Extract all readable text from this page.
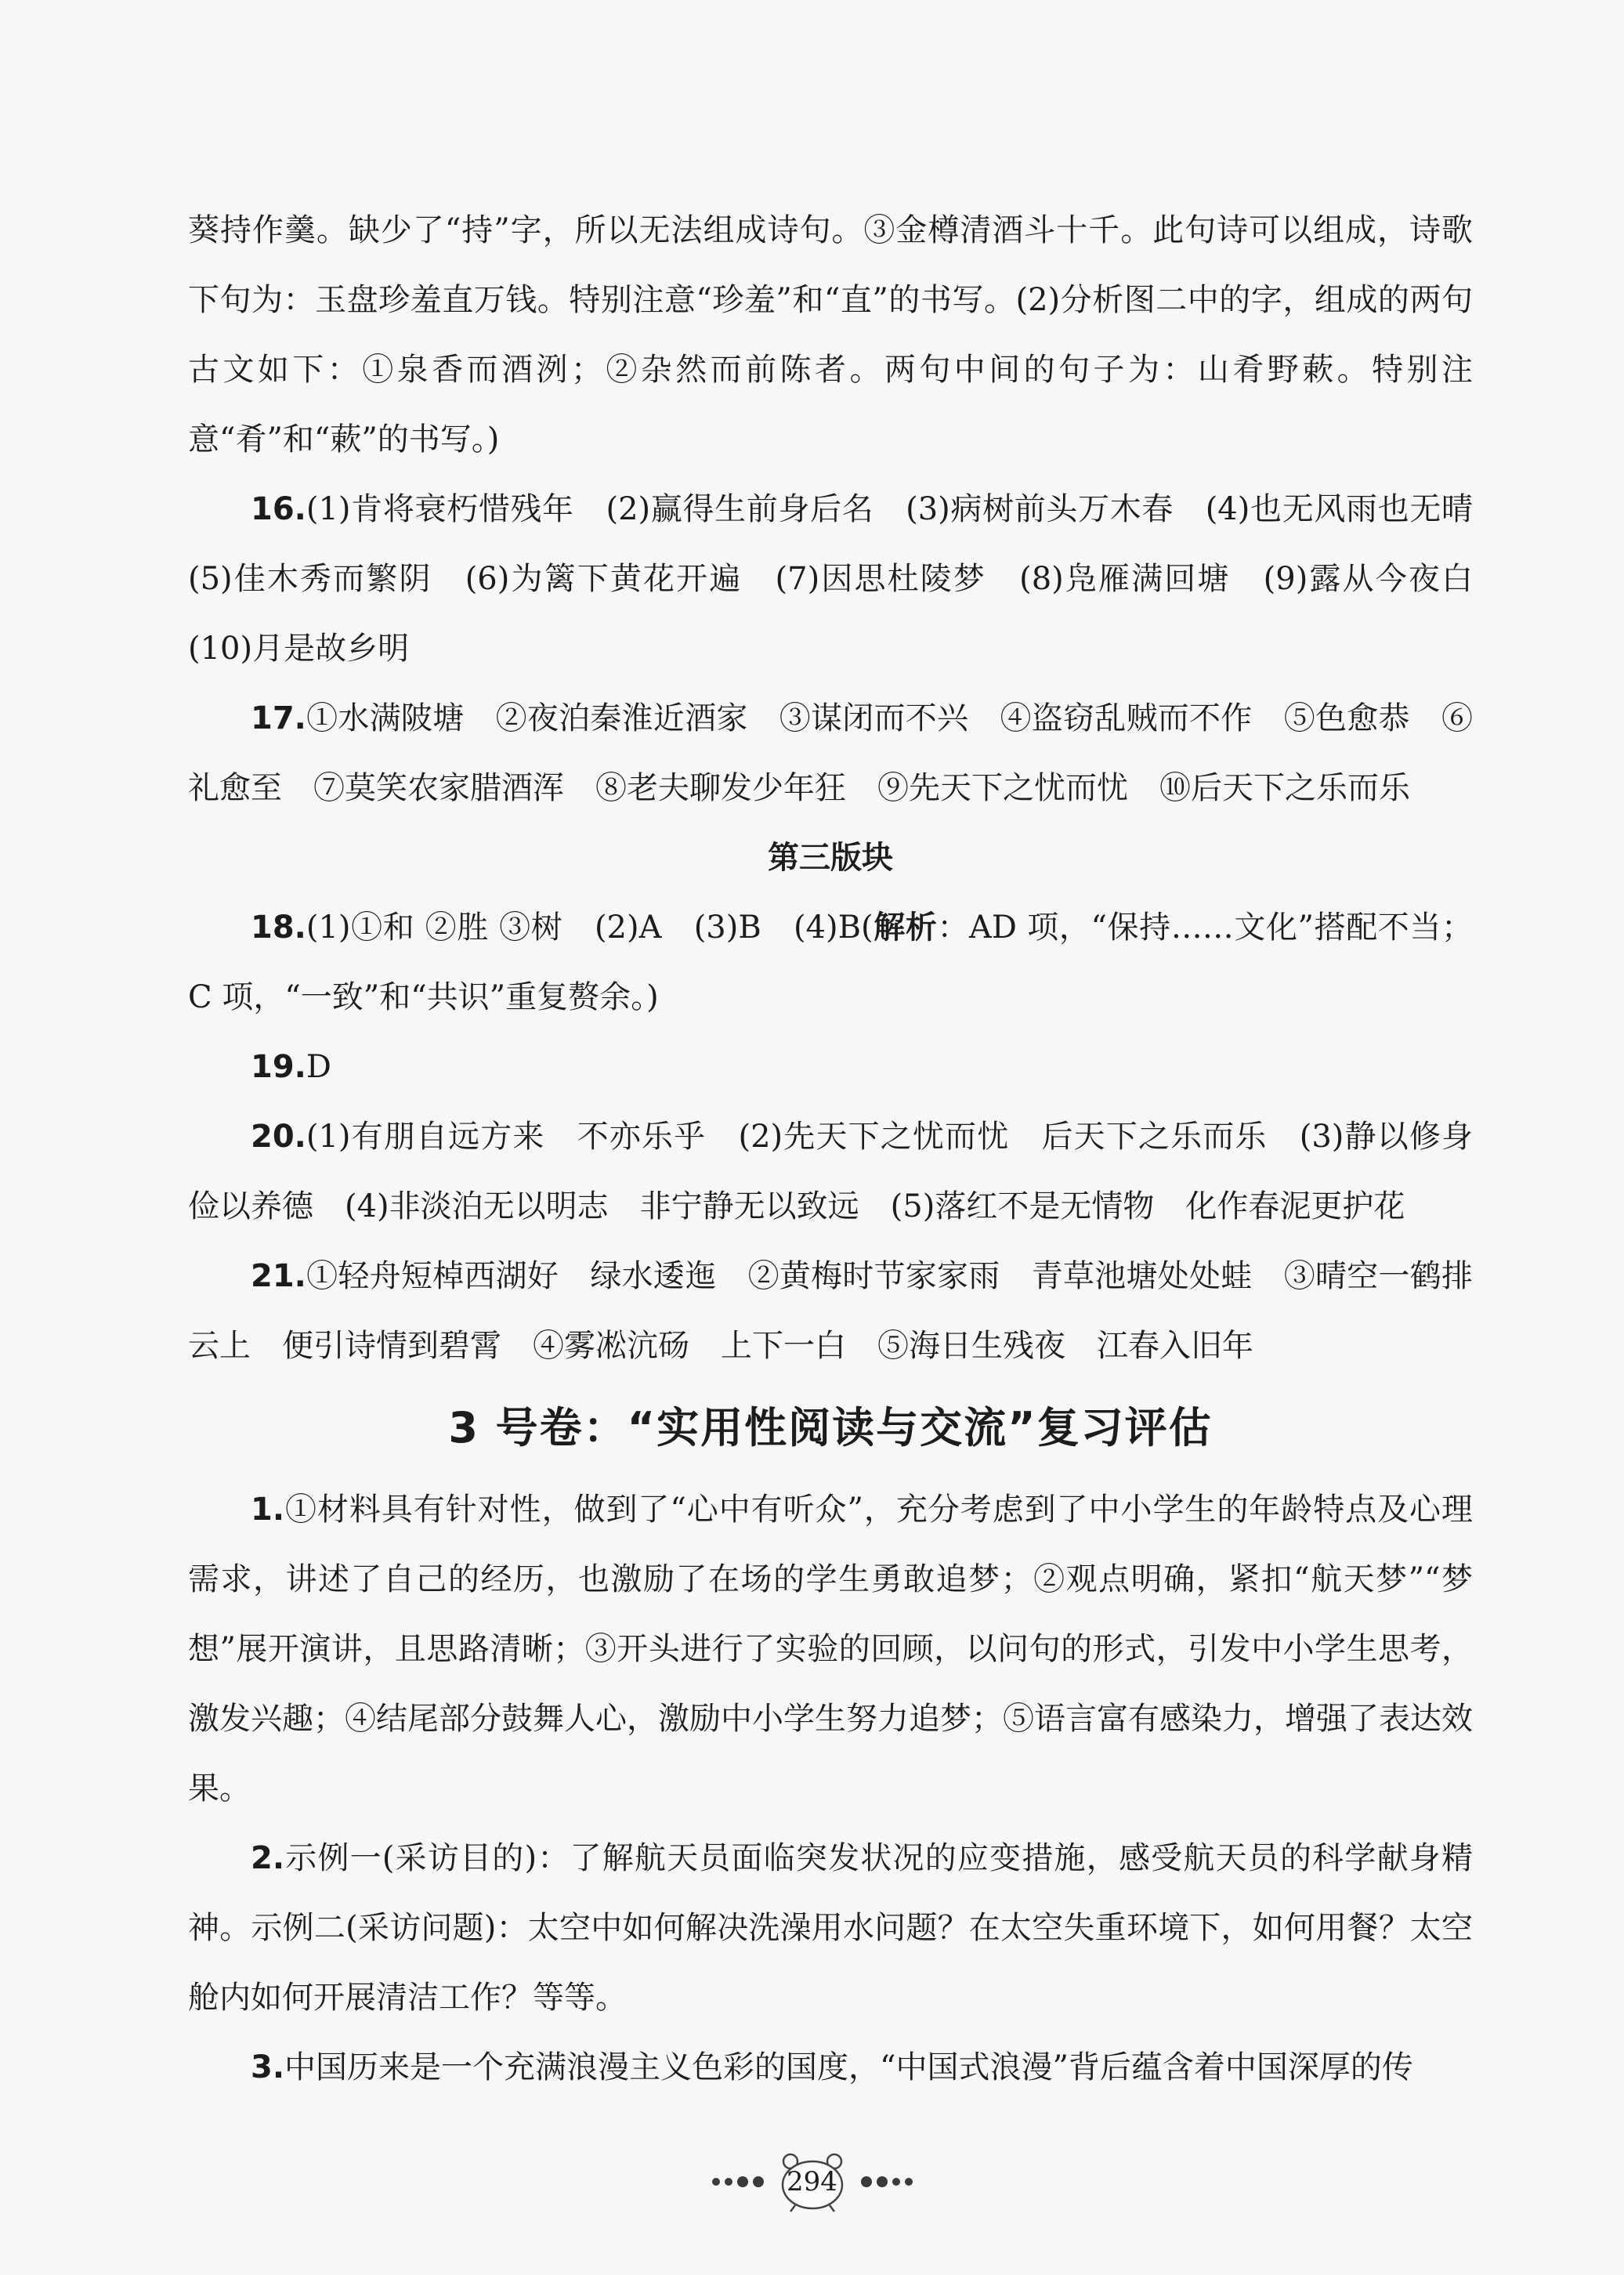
葵持作羹。缺少了“持”字，所以无法组成诗句。③金樽清酒斗十千。此句诗可以组成，诗歌下句为：玉盘珍羞直万钱。特别注意“珍羞”和“直”的书写。(2)分析图二中的字，组成的两句古文如下：①泉香而酒洌；②杂然而前陈者。两句中间的句子为：山肴野蔌。特别注意“肴”和“蔌”的书写。)

16.(1)肯将衰朽惜残年　(2)赢得生前身后名　(3)病树前头万木春　(4)也无风雨也无晴　(5)佳木秀而繁阴　(6)为篱下黄花开遍　(7)因思杜陵梦　(8)凫雁满回塘　(9)露从今夜白　(10)月是故乡明

17.①水满陂塘　②夜泊秦淮近酒家　③谋闭而不兴　④盗窃乱贼而不作　⑤色愈恭　⑥礼愈至　⑦莫笑农家腊酒浑　⑧老夫聊发少年狂　⑨先天下之忧而忧　⑩后天下之乐而乐

第三版块

18.(1)①和 ②胜 ③树　(2)A　(3)B　(4)B(解析：AD 项，“保持……文化”搭配不当；C 项，“一致”和“共识”重复赘余。)

19.D

20.(1)有朋自远方来　不亦乐乎　(2)先天下之忧而忧　后天下之乐而乐　(3)静以修身　俭以养德　(4)非淡泊无以明志　非宁静无以致远　(5)落红不是无情物　化作春泥更护花

21.①轻舟短棹西湖好　绿水逶迤　②黄梅时节家家雨　青草池塘处处蛙　③晴空一鹤排云上　便引诗情到碧霄　④雾凇沆砀　上下一白　⑤海日生残夜　江春入旧年

3 号卷：“实用性阅读与交流”复习评估

1.①材料具有针对性，做到了“心中有听众”，充分考虑到了中小学生的年龄特点及心理需求，讲述了自己的经历，也激励了在场的学生勇敢追梦；②观点明确，紧扣“航天梦”“梦想”展开演讲，且思路清晰；③开头进行了实验的回顾，以问句的形式，引发中小学生思考，激发兴趣；④结尾部分鼓舞人心，激励中小学生努力追梦；⑤语言富有感染力，增强了表达效果。

2.示例一(采访目的)：了解航天员面临突发状况的应变措施，感受航天员的科学献身精神。示例二(采访问题)：太空中如何解决洗澡用水问题？在太空失重环境下，如何用餐？太空舱内如何开展清洁工作？等等。

3.中国历来是一个充满浪漫主义色彩的国度，“中国式浪漫”背后蕴含着中国深厚的传

294
